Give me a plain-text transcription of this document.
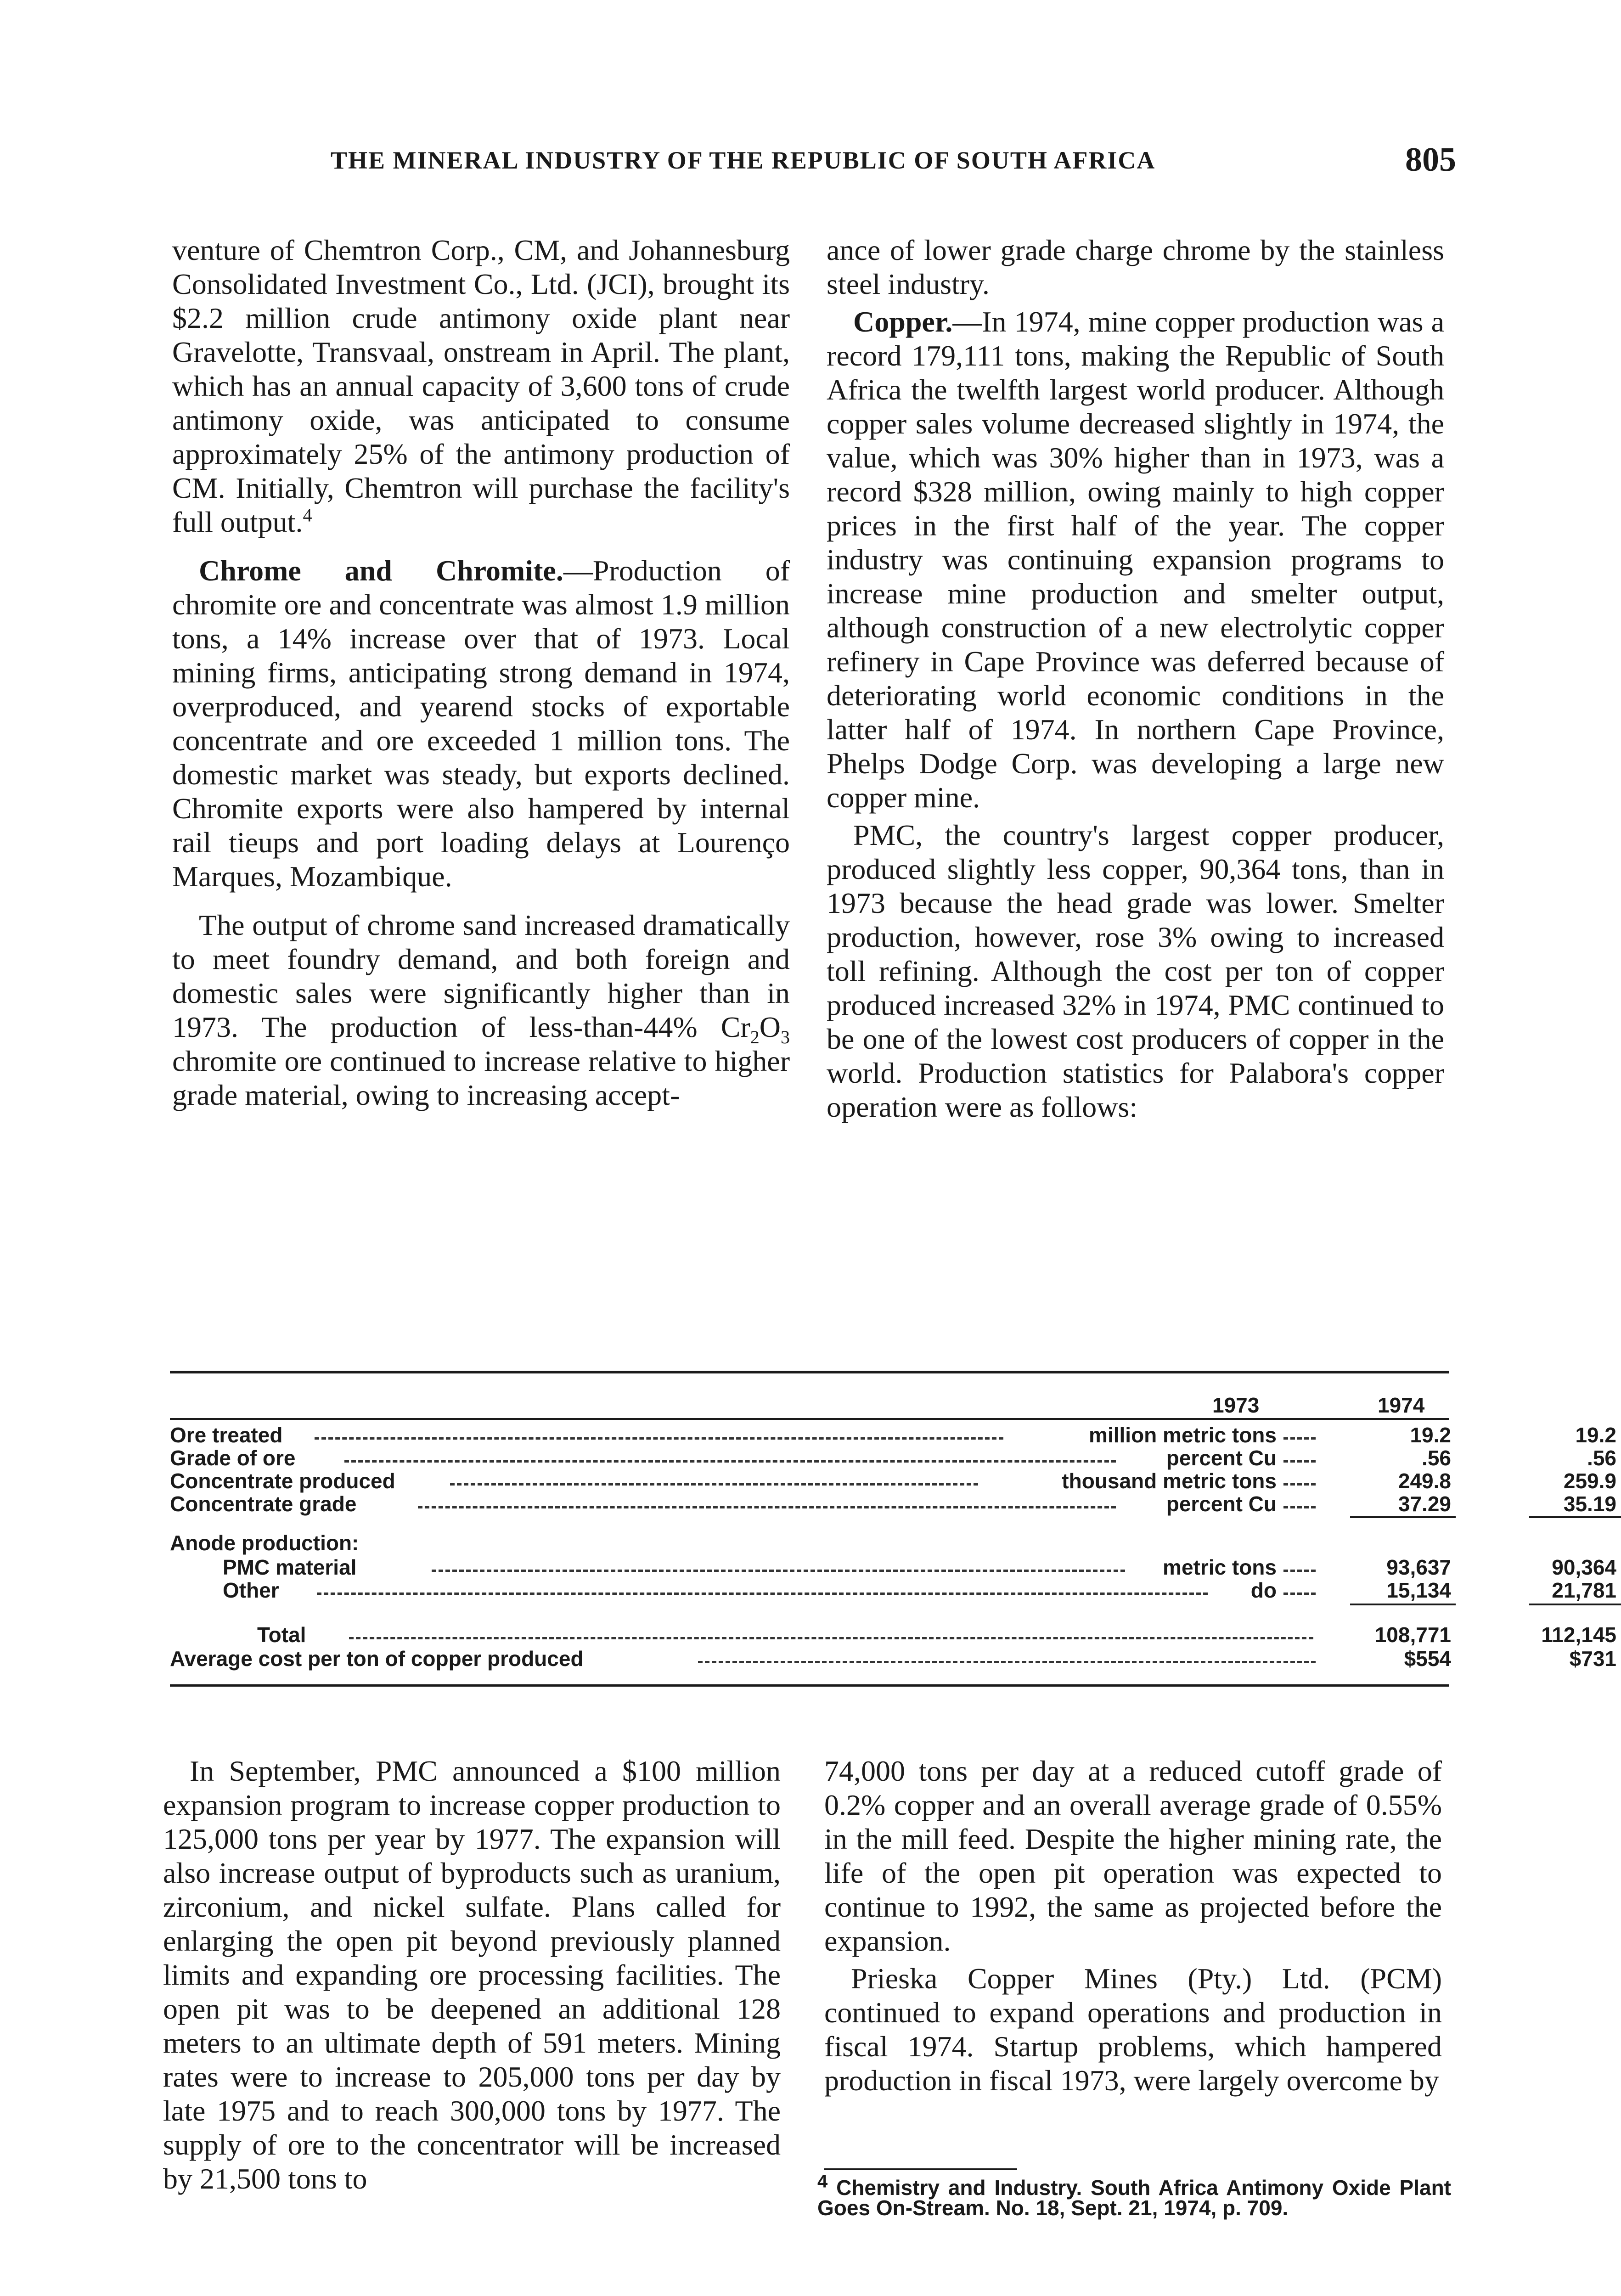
THE MINERAL INDUSTRY OF THE REPUBLIC OF SOUTH AFRICA	805

venture of Chemtron Corp., CM, and Johannesburg Consolidated Investment Co., Ltd. (JCI), brought its $2.2 million crude antimony oxide plant near Gravelotte, Transvaal, onstream in April. The plant, which has an annual capacity of 3,600 tons of crude antimony oxide, was anticipated to consume approximately 25% of the antimony production of CM. Initially, Chemtron will purchase the facility's full output.$^4$

Chrome and Chromite.—Production of chromite ore and concentrate was almost 1.9 million tons, a 14% increase over that of 1973. Local mining firms, anticipating strong demand in 1974, overproduced, and yearend stocks of exportable concentrate and ore exceeded 1 million tons. The domestic market was steady, but exports declined. Chromite exports were also hampered by internal rail tieups and port loading delays at Lourenço Marques, Mozambique.

The output of chrome sand increased dramatically to meet foundry demand, and both foreign and domestic sales were significantly higher than in 1973. The production of less-than-44% $Cr_2O_3$ chromite ore continued to increase relative to higher grade material, owing to increasing accept-

ance of lower grade charge chrome by the stainless steel industry.

Copper.—In 1974, mine copper production was a record 179,111 tons, making the Republic of South Africa the twelfth largest world producer. Although copper sales volume decreased slightly in 1974, the value, which was 30% higher than in 1973, was a record $328 million, owing mainly to high copper prices in the first half of the year. The copper industry was continuing expansion programs to increase mine production and smelter output, although construction of a new electrolytic copper refinery in Cape Province was deferred because of deteriorating world economic conditions in the latter half of 1974. In northern Cape Province, Phelps Dodge Corp. was developing a large new copper mine.

PMC, the country's largest copper producer, produced slightly less copper, 90,364 tons, than in 1973 because the head grade was lower. Smelter production, however, rose 3% owing to increased toll refining. Although the cost per ton of copper produced increased 32% in 1974, PMC continued to be one of the lowest cost producers of copper in the world. Production statistics for Palabora's copper operation were as follows:

1973	1974
Ore treated	million metric tons	19.2	19.2
Grade of ore	percent Cu	.56	.56
Concentrate produced	thousand metric tons	249.8	259.9
Concentrate grade	percent Cu	37.29	35.19
Anode production:
PMC material	metric tons	93,637	90,364
Other	do	15,134	21,781
Total	108,771	112,145
Average cost per ton of copper produced	$554	$731

In September, PMC announced a $100 million expansion program to increase copper production to 125,000 tons per year by 1977. The expansion will also increase output of byproducts such as uranium, zirconium, and nickel sulfate. Plans called for enlarging the open pit beyond previously planned limits and expanding ore processing facilities. The open pit was to be deepened an additional 128 meters to an ultimate depth of 591 meters. Mining rates were to increase to 205,000 tons per day by late 1975 and to reach 300,000 tons by 1977. The supply of ore to the concentrator will be increased by 21,500 tons to

74,000 tons per day at a reduced cutoff grade of 0.2% copper and an overall average grade of 0.55% in the mill feed. Despite the higher mining rate, the life of the open pit operation was expected to continue to 1992, the same as projected before the expansion.

Prieska Copper Mines (Pty.) Ltd. (PCM) continued to expand operations and production in fiscal 1974. Startup problems, which hampered production in fiscal 1973, were largely overcome by

$^4$ Chemistry and Industry. South Africa Antimony Oxide Plant Goes On-Stream. No. 18, Sept. 21, 1974, p. 709.
